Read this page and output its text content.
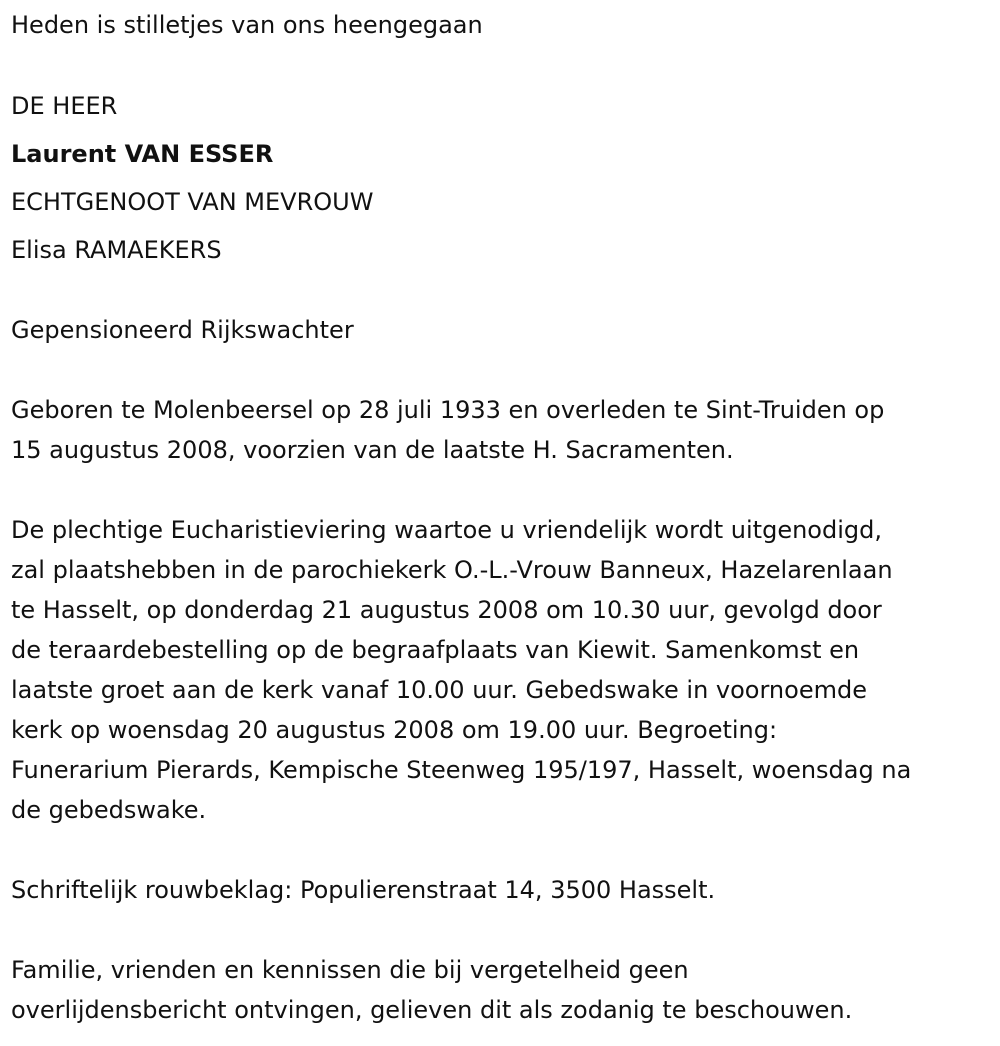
Heden is stilletjes van ons heengegaan
DE HEER
Laurent VAN ESSER
ECHTGENOOT VAN MEVROUW
Elisa RAMAEKERS
Gepensioneerd Rijkswachter
Geboren te Molenbeersel op 28 juli 1933 en overleden te Sint-Truiden op
15 augustus 2008, voorzien van de laatste H. Sacramenten.
De plechtige Eucharistieviering waartoe u vriendelijk wordt uitgenodigd,
zal plaatshebben in de parochiekerk O.-L.-Vrouw Banneux, Hazelarenlaan
te Hasselt, op donderdag 21 augustus 2008 om 10.30 uur, gevolgd door
de teraardebestelling op de begraafplaats van Kiewit. Samenkomst en
laatste groet aan de kerk vanaf 10.00 uur. Gebedswake in voornoemde
kerk op woensdag 20 augustus 2008 om 19.00 uur. Begroeting:
Funerarium Pierards, Kempische Steenweg 195/197, Hasselt, woensdag na
de gebedswake.
Schriftelijk rouwbeklag: Populierenstraat 14, 3500 Hasselt.
Familie, vrienden en kennissen die bij vergetelheid geen
overlijdensbericht ontvingen, gelieven dit als zodanig te beschouwen.
